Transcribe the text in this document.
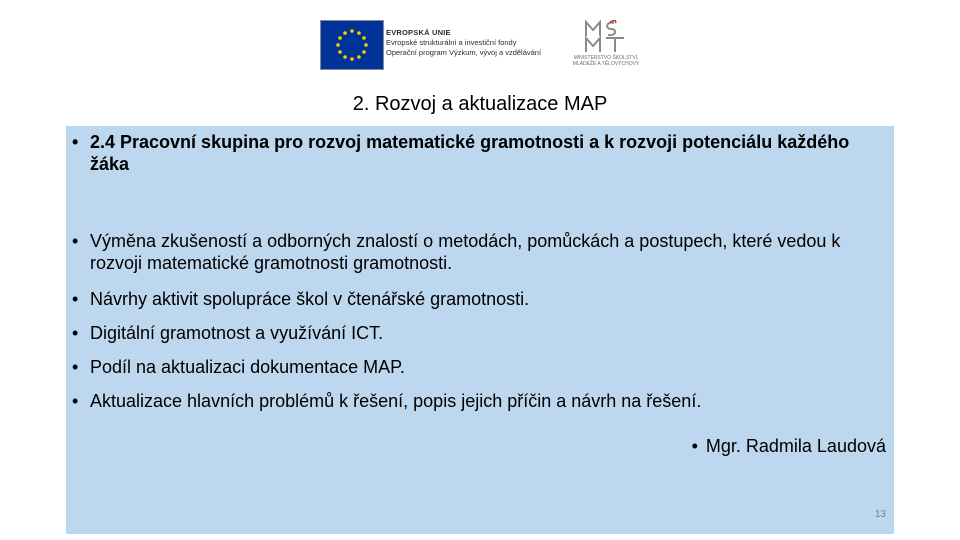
EVROPSKÁ UNIE
Evropské strukturální a investiční fondy
Operační program Výzkum, vývoj a vzdělávání
MINISTERSTVO ŠKOLSTVÍ,
MLÁDEŽE A TĚLOVÝCHOVY
2. Rozvoj a aktualizace MAP
• 2.4 Pracovní skupina pro rozvoj matematické gramotnosti a k rozvoji potenciálu každého žáka
• Výměna zkušeností a odborných znalostí o metodách, pomůckách a postupech, které vedou k rozvoji matematické gramotnosti gramotnosti.
• Návrhy aktivit spolupráce škol v čtenářské gramotnosti.
• Digitální gramotnost a využívání ICT.
• Podíl na aktualizaci dokumentace MAP.
• Aktualizace hlavních problémů k řešení, popis jejich příčin a návrh na řešení.
• Mgr. Radmila Laudová
13
